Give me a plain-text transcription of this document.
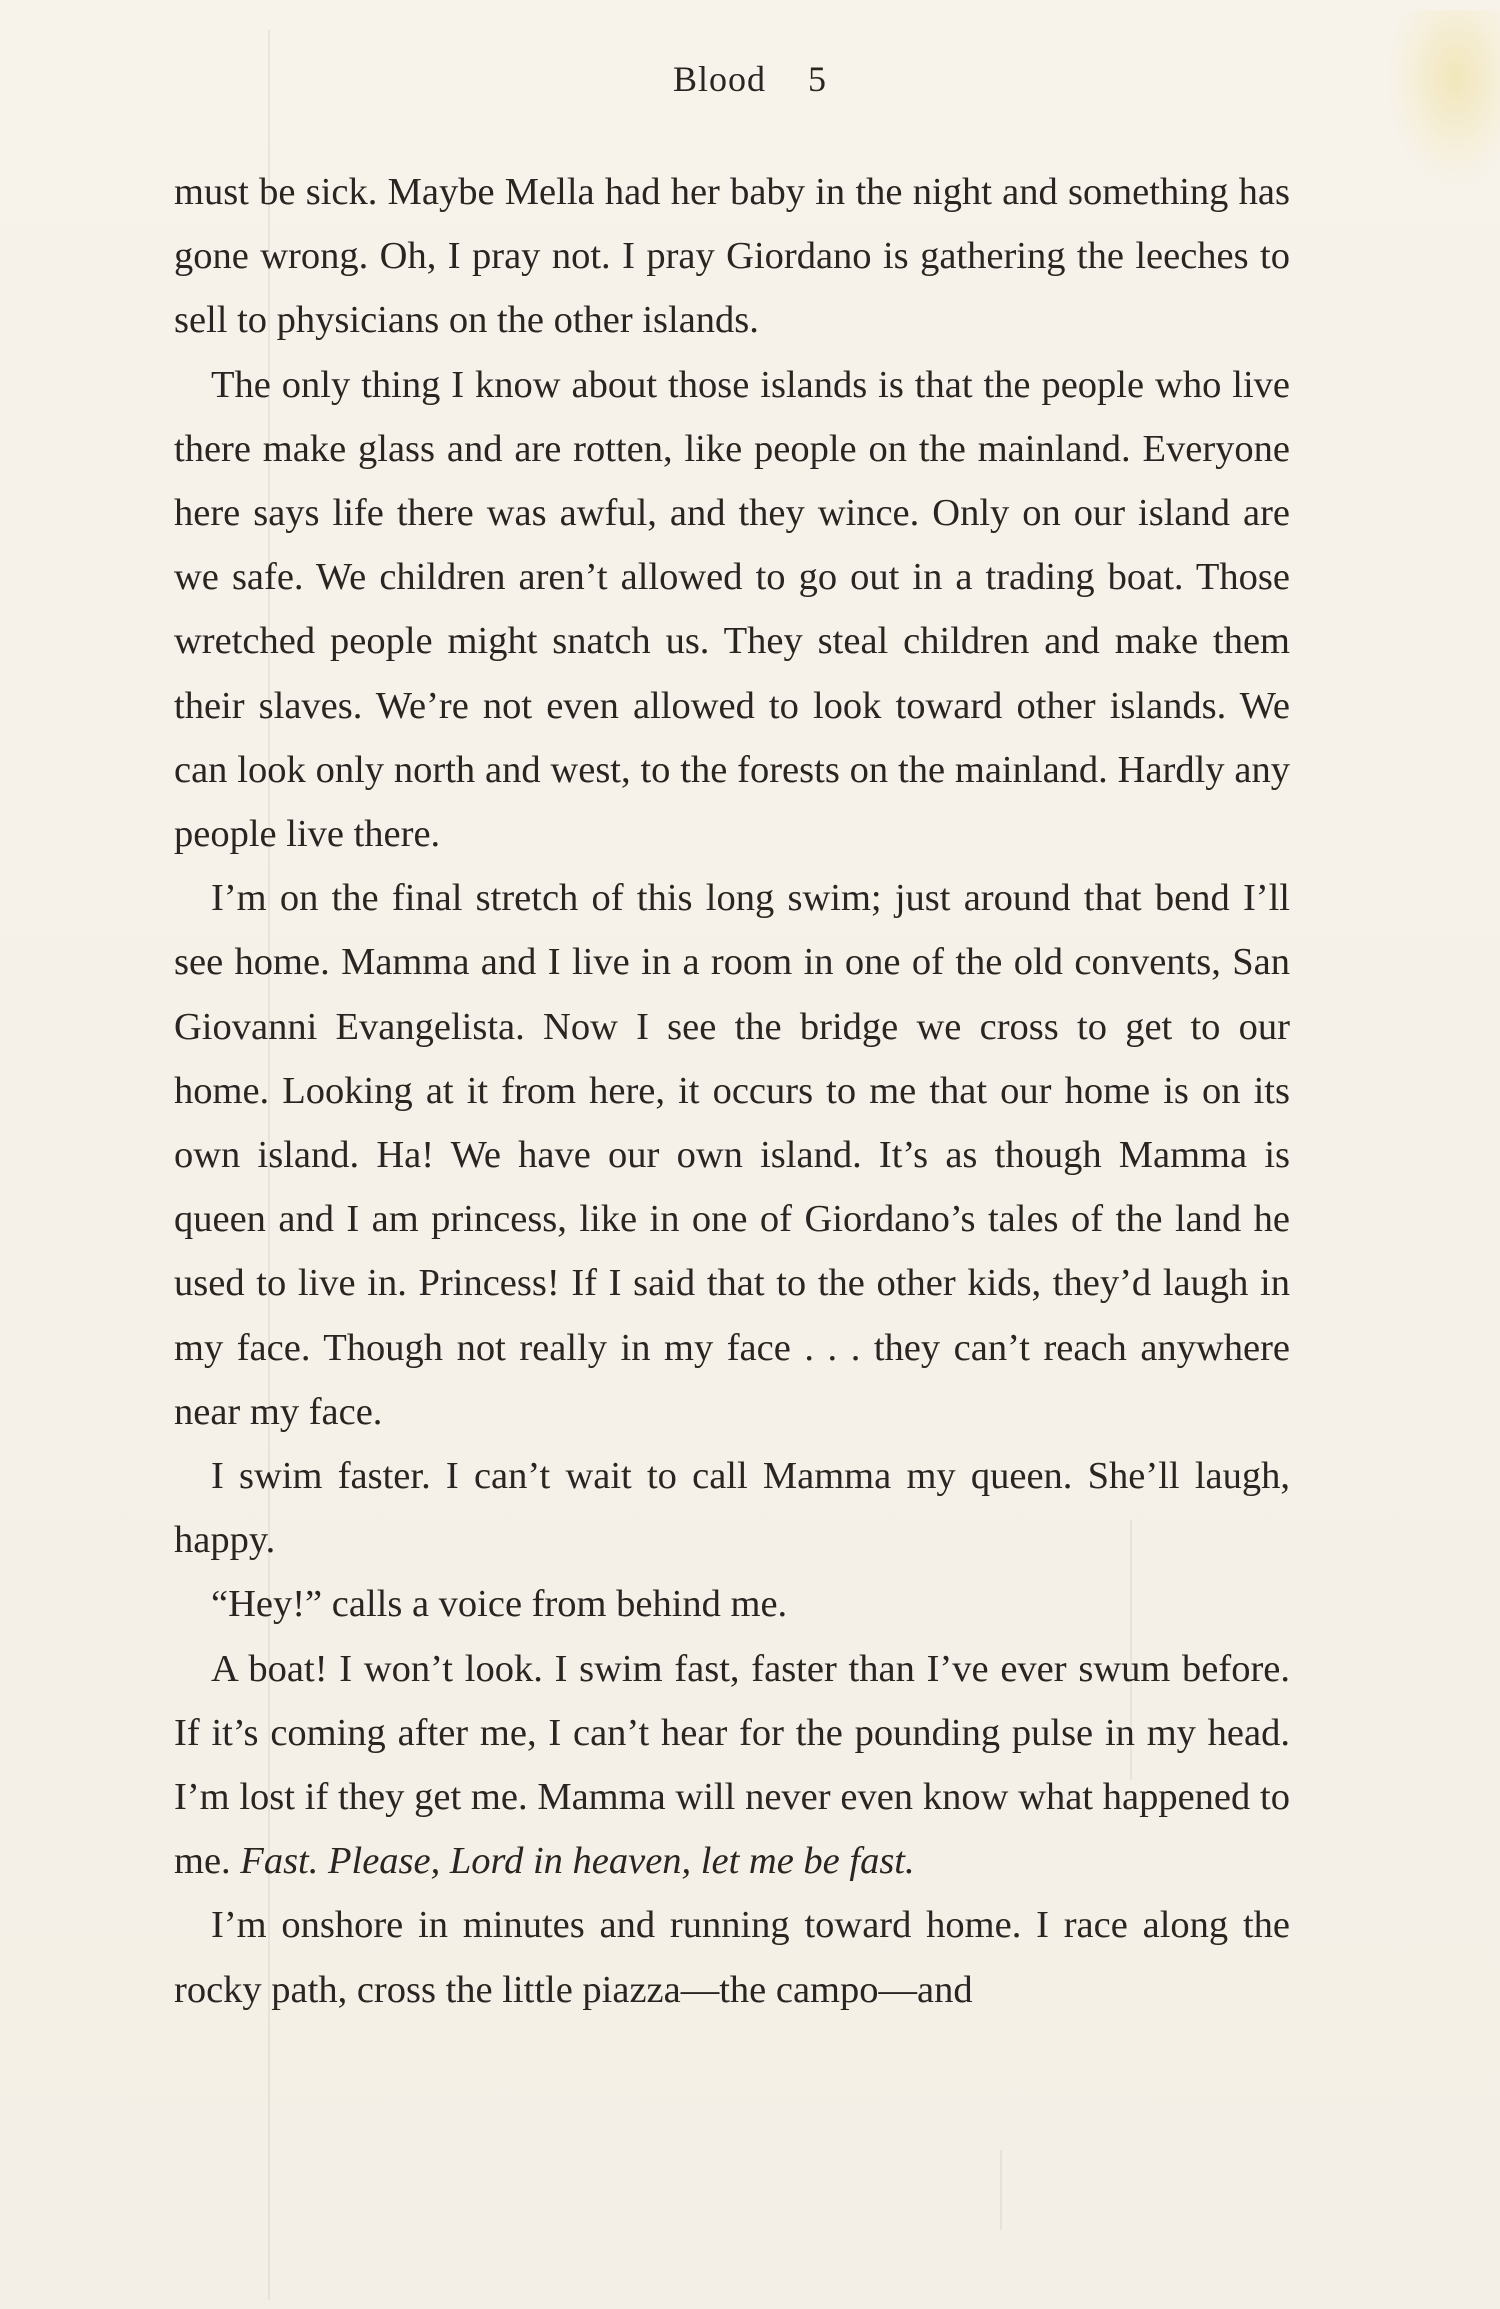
Blood 5

must be sick. Maybe Mella had her baby in the night and something has gone wrong. Oh, I pray not. I pray Giordano is gathering the leeches to sell to physicians on the other islands.

The only thing I know about those islands is that the people who live there make glass and are rotten, like people on the mainland. Everyone here says life there was awful, and they wince. Only on our island are we safe. We children aren’t allowed to go out in a trading boat. Those wretched people might snatch us. They steal children and make them their slaves. We’re not even allowed to look toward other islands. We can look only north and west, to the forests on the mainland. Hardly any people live there.

I’m on the final stretch of this long swim; just around that bend I’ll see home. Mamma and I live in a room in one of the old convents, San Giovanni Evangelista. Now I see the bridge we cross to get to our home. Looking at it from here, it occurs to me that our home is on its own island. Ha! We have our own island. It’s as though Mamma is queen and I am princess, like in one of Giordano’s tales of the land he used to live in. Princess! If I said that to the other kids, they’d laugh in my face. Though not really in my face . . . they can’t reach anywhere near my face.

I swim faster. I can’t wait to call Mamma my queen. She’ll laugh, happy.

“Hey!” calls a voice from behind me.

A boat! I won’t look. I swim fast, faster than I’ve ever swum before. If it’s coming after me, I can’t hear for the pounding pulse in my head. I’m lost if they get me. Mamma will never even know what happened to me. Fast. Please, Lord in heaven, let me be fast.

I’m onshore in minutes and running toward home. I race along the rocky path, cross the little piazza—the campo—and
